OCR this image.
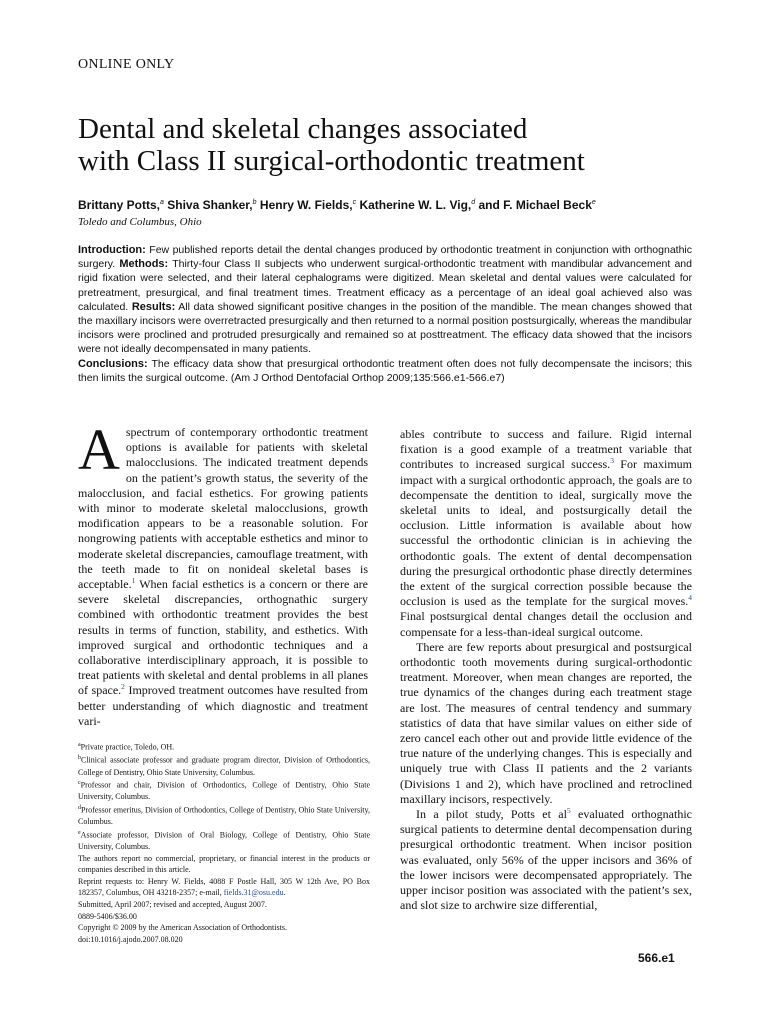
ONLINE ONLY
Dental and skeletal changes associated
with Class II surgical-orthodontic treatment
Brittany Potts,$^a$ Shiva Shanker,$^b$ Henry W. Fields,$^c$ Katherine W. L. Vig,$^d$ and F. Michael Beck$^e$
Toledo and Columbus, Ohio
Introduction: Few published reports detail the dental changes produced by orthodontic treatment in conjunction with orthognathic surgery. Methods: Thirty-four Class II subjects who underwent surgical-orthodontic treatment with mandibular advancement and rigid fixation were selected, and their lateral cephalograms were digitized. Mean skeletal and dental values were calculated for pretreatment, presurgical, and final treatment times. Treatment efficacy as a percentage of an ideal goal achieved also was calculated. Results: All data showed significant positive changes in the position of the mandible. The mean changes showed that the maxillary incisors were overretracted presurgically and then returned to a normal position postsurgically, whereas the mandibular incisors were proclined and protruded presurgically and remained so at posttreatment. The efficacy data showed that the incisors were not ideally decompensated in many patients.
Conclusions: The efficacy data show that presurgical orthodontic treatment often does not fully decompensate the incisors; this then limits the surgical outcome. (Am J Orthod Dentofacial Orthop 2009;135:566.e1-566.e7)

Aspectrum of contemporary orthodontic treatment options is available for patients with skeletal malocclusions. The indicated treatment depends on the patient’s growth status, the severity of the malocclusion, and facial esthetics. For growing patients with minor to moderate skeletal malocclusions, growth modification appears to be a reasonable solution. For nongrowing patients with acceptable esthetics and minor to moderate skeletal discrepancies, camouflage treatment, with the teeth made to fit on nonideal skeletal bases is acceptable.$^1$ When facial esthetics is a concern or there are severe skeletal discrepancies, orthognathic surgery combined with orthodontic treatment provides the best results in terms of function, stability, and esthetics. With improved surgical and orthodontic techniques and a collaborative interdisciplinary approach, it is possible to treat patients with skeletal and dental problems in all planes of space.$^2$ Improved treatment outcomes have resulted from better understanding of which diagnostic and treatment vari-

$^a$Private practice, Toledo, OH.
$^b$Clinical associate professor and graduate program director, Division of Orthodontics, College of Dentistry, Ohio State University, Columbus.
$^c$Professor and chair, Division of Orthodontics, College of Dentistry, Ohio State University, Columbus.
$^d$Professor emeritus, Division of Orthodontics, College of Dentistry, Ohio State University, Columbus.
$^e$Associate professor, Division of Oral Biology, College of Dentistry, Ohio State University, Columbus.
The authors report no commercial, proprietary, or financial interest in the products or companies described in this article.
Reprint requests to: Henry W. Fields, 4088 F Postle Hall, 305 W 12th Ave, PO Box 182357, Columbus, OH 43218-2357; e-mail, fields.31@osu.edu.
Submitted, April 2007; revised and accepted, August 2007.
0889-5406/$36.00
Copyright © 2009 by the American Association of Orthodontists.
doi:10.1016/j.ajodo.2007.08.020

ables contribute to success and failure. Rigid internal fixation is a good example of a treatment variable that contributes to increased surgical success.$^3$ For maximum impact with a surgical orthodontic approach, the goals are to decompensate the dentition to ideal, surgically move the skeletal units to ideal, and postsurgically detail the occlusion. Little information is available about how successful the orthodontic clinician is in achieving the orthodontic goals. The extent of dental decompensation during the presurgical orthodontic phase directly determines the extent of the surgical correction possible because the occlusion is used as the template for the surgical moves.$^4$ Final postsurgical dental changes detail the occlusion and compensate for a less-than-ideal surgical outcome.

There are few reports about presurgical and postsurgical orthodontic tooth movements during surgical-orthodontic treatment. Moreover, when mean changes are reported, the true dynamics of the changes during each treatment stage are lost. The measures of central tendency and summary statistics of data that have similar values on either side of zero cancel each other out and provide little evidence of the true nature of the underlying changes. This is especially and uniquely true with Class II patients and the 2 variants (Divisions 1 and 2), which have proclined and retroclined maxillary incisors, respectively.

In a pilot study, Potts et al$^5$ evaluated orthognathic surgical patients to determine dental decompensation during presurgical orthodontic treatment. When incisor position was evaluated, only 56% of the upper incisors and 36% of the lower incisors were decompensated appropriately. The upper incisor position was associated with the patient’s sex, and slot size to archwire size differential,

566.e1
